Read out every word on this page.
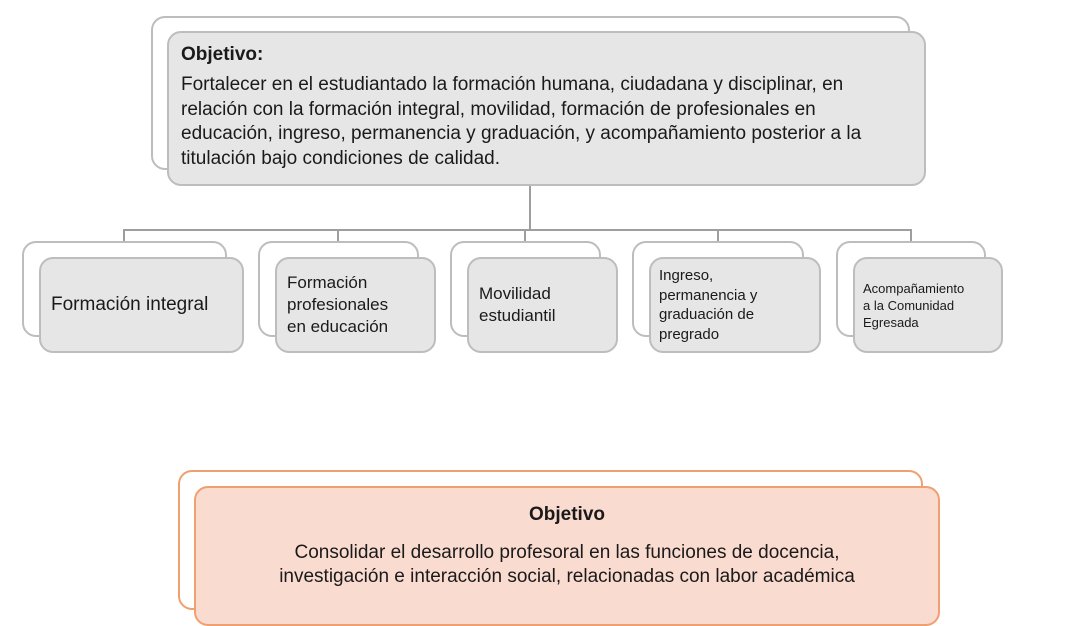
Objetivo:

Fortalecer en el estudiantado la formación humana, ciudadana y disciplinar, en relación con la formación integral, movilidad, formación de profesionales en educación, ingreso, permanencia y graduación, y acompañamiento posterior a la titulación bajo condiciones de calidad.

Formación integral
Formación
profesionales
en educación
Movilidad
estudiantil
Ingreso,
permanencia y
graduación de
pregrado
Acompañamiento
a la Comunidad
Egresada

Objetivo

Consolidar el desarrollo profesoral en las funciones de docencia,
investigación e interacción social, relacionadas con labor académica
